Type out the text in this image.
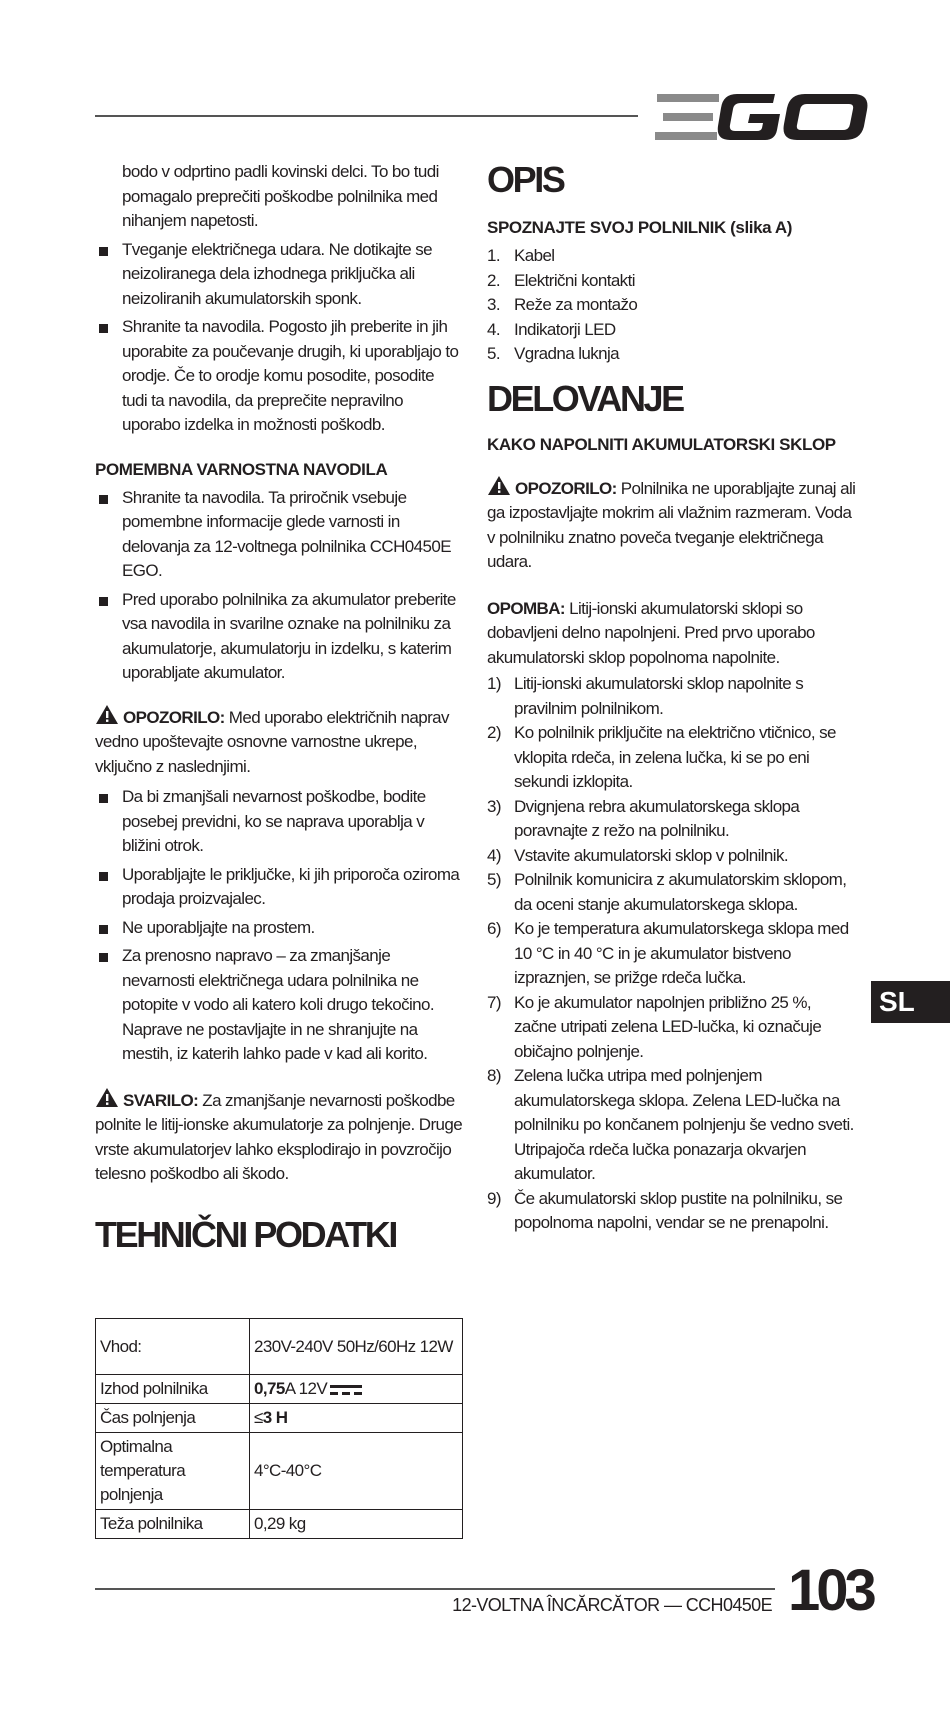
bodo v odprtino padli kovinski delci. To bo tudi pomagalo preprečiti poškodbe polnilnika med nihanjem napetosti.

Tveganje električnega udara. Ne dotikajte se neizoliranega dela izhodnega priključka ali neizoliranih akumulatorskih sponk.
Shranite ta navodila. Pogosto jih preberite in jih uporabite za poučevanje drugih, ki uporabljajo to orodje. Če to orodje komu posodite, posodite tudi ta navodila, da preprečite nepravilno uporabo izdelka in možnosti poškodb.
POMEMBNA VARNOSTNA NAVODILA
Shranite ta navodila. Ta priročnik vsebuje pomembne informacije glede varnosti in delovanja za 12-voltnega polnilnika CCH0450E EGO.
Pred uporabo polnilnika za akumulator preberite vsa navodila in svarilne oznake na polnilniku za akumulatorje, akumulatorju in izdelku, s katerim uporabljate akumulator.
OPOZORILO: Med uporabo električnih naprav vedno upoštevajte osnovne varnostne ukrepe, vključno z naslednjimi.
Da bi zmanjšali nevarnost poškodbe, bodite posebej previdni, ko se naprava uporablja v bližini otrok.
Uporabljajte le priključke, ki jih priporoča oziroma prodaja proizvajalec.
Ne uporabljajte na prostem.
Za prenosno napravo – za zmanjšanje nevarnosti električnega udara polnilnika ne potopite v vodo ali katero koli drugo tekočino. Naprave ne postavljajte in ne shranjujte na mestih, iz katerih lahko pade v kad ali korito.
SVARILO: Za zmanjšanje nevarnosti poškodbe polnite le litij-ionske akumulatorje za polnjenje. Druge vrste akumulatorjev lahko eksplodirajo in povzročijo telesno poškodbo ali škodo.
TEHNIČNI PODATKI
Vhod:	230V-240V 50Hz/60Hz 12W
Izhod polnilnika	0,75A 12V
Čas polnjenja	≤3 H
Optimalna temperatura polnjenja	4°C-40°C
Teža polnilnika	0,29 kg
OPIS
SPOZNAJTE SVOJ POLNILNIK (slika A)
1. Kabel
2. Električni kontakti
3. Reže za montažo
4. Indikatorji LED
5. Vgradna luknja
DELOVANJE
KAKO NAPOLNITI AKUMULATORSKI SKLOP
OPOZORILO: Polnilnika ne uporabljajte zunaj ali ga izpostavljajte mokrim ali vlažnim razmeram. Voda v polnilniku znatno poveča tveganje električnega udara.
OPOMBA: Litij-ionski akumulatorski sklopi so dobavljeni delno napolnjeni. Pred prvo uporabo akumulatorski sklop popolnoma napolnite.
1) Litij-ionski akumulatorski sklop napolnite s pravilnim polnilnikom.
2) Ko polnilnik priključite na električno vtičnico, se vklopita rdeča, in zelena lučka, ki se po eni sekundi izklopita.
3) Dvignjena rebra akumulatorskega sklopa poravnajte z režo na polnilniku.
4) Vstavite akumulatorski sklop v polnilnik.
5) Polnilnik komunicira z akumulatorskim sklopom, da oceni stanje akumulatorskega sklopa.
6) Ko je temperatura akumulatorskega sklopa med 10 °C in 40 °C in je akumulator bistveno izpraznjen, se prižge rdeča lučka.
7) Ko je akumulator napolnjen približno 25 %, začne utripati zelena LED-lučka, ki označuje običajno polnjenje.
8) Zelena lučka utripa med polnjenjem akumulatorskega sklopa. Zelena LED-lučka na polnilniku po končanem polnjenju še vedno sveti. Utripajoča rdeča lučka ponazarja okvarjen akumulator.
9) Če akumulatorski sklop pustite na polnilniku, se popolnoma napolni, vendar se ne prenapolni.
SL
12-VOLTNA ÎNCĂRCĂTOR — CCH0450E 103
